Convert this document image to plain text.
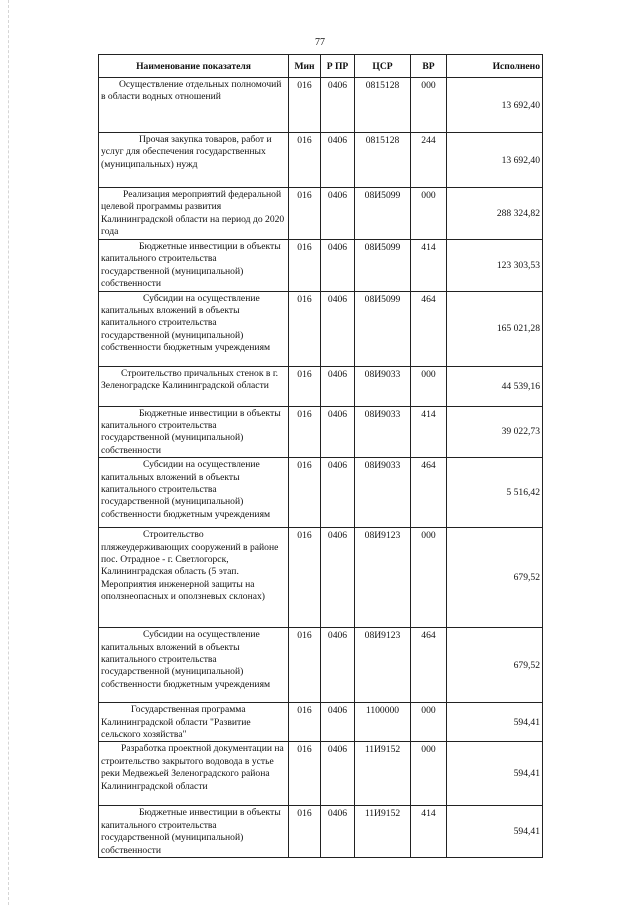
77
Наименование показателя	Мин	Р ПР	ЦСР	ВР	Исполнено
Осуществление отдельных полномочий в области водных отношений	016	0406	0815128	000	13 692,40
Прочая закупка товаров, работ и услуг для обеспечения государственных (муниципальных) нужд	016	0406	0815128	244	13 692,40
Реализация мероприятий федеральной целевой программы развития Калининградской области на период до 2020 года	016	0406	08И5099	000	288 324,82
Бюджетные инвестиции в объекты капитального строительства государственной (муниципальной) собственности	016	0406	08И5099	414	123 303,53
Субсидии на осуществление капитальных вложений в объекты капитального строительства государственной (муниципальной) собственности бюджетным учреждениям	016	0406	08И5099	464	165 021,28
Строительство причальных стенок в г. Зеленоградске Калининградской области	016	0406	08И9033	000	44 539,16
Бюджетные инвестиции в объекты капитального строительства государственной (муниципальной) собственности	016	0406	08И9033	414	39 022,73
Субсидии на осуществление капитальных вложений в объекты капитального строительства государственной (муниципальной) собственности бюджетным учреждениям	016	0406	08И9033	464	5 516,42
Строительство пляжеудерживающих сооружений в районе пос. Отрадное - г. Светлогорск, Калининградская область (5 этап. Мероприятия инженерной защиты на оползнеопасных и оползневых склонах)	016	0406	08И9123	000	679,52
Субсидии на осуществление капитальных вложений в объекты капитального строительства государственной (муниципальной) собственности бюджетным учреждениям	016	0406	08И9123	464	679,52
Государственная программа Калининградской области "Развитие сельского хозяйства"	016	0406	1100000	000	594,41
Разработка проектной документации на строительство закрытого водовода в устье реки Медвежьей Зеленоградского района Калининградской области	016	0406	11И9152	000	594,41
Бюджетные инвестиции в объекты капитального строительства государственной (муниципальной) собственности	016	0406	11И9152	414	594,41
